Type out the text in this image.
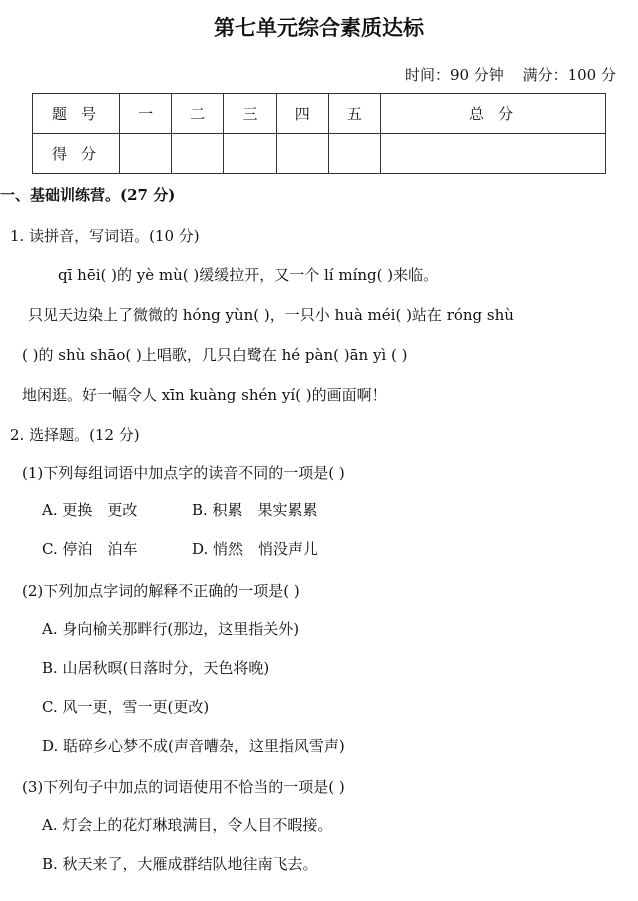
第七单元综合素质达标
时间：90 分钟 满分：100 分
题号	一	二	三	四	五	总分
得分						
一、基础训练营。(27 分)
1. 读拼音，写词语。(10 分)
qī hēi( )的 yè mù( )缓缓拉开，又一个 lí míng( )来临。
只见天边染上了微微的 hóng yùn( )，一只小 huà méi( )站在 róng shù
( )的 shù shāo( )上唱歌，几只白鹭在 hé pàn( )ān yì ( )
地闲逛。好一幅令人 xīn kuàng shén yí( )的画面啊！
2. 选择题。(12 分)
(1)下列每组词语中加点字的读音不同的一项是( )
A. 更换　更改	B. 积累　果实累累
C. 停泊　泊车	D. 悄然　悄没声儿
(2)下列加点字词的解释不正确的一项是( )
A. 身向榆关那畔行(那边，这里指关外)
B. 山居秋暝(日落时分，天色将晚)
C. 风一更，雪一更(更改)
D. 聒碎乡心梦不成(声音嘈杂，这里指风雪声)
(3)下列句子中加点的词语使用不恰当的一项是( )
A. 灯会上的花灯琳琅满目，令人目不暇接。
B. 秋天来了，大雁成群结队地往南飞去。
